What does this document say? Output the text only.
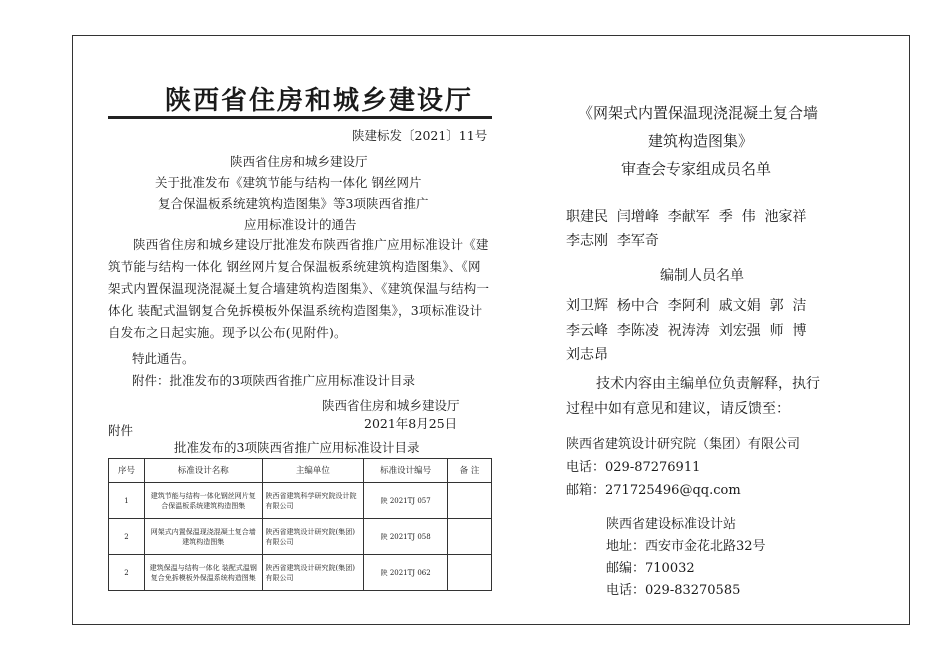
陕西省住房和城乡建设厅
陕建标发〔2021〕11号
陕西省住房和城乡建设厅
关于批准发布《建筑节能与结构一体化 钢丝网片
复合保温板系统建筑构造图集》等3项陕西省推广
应用标准设计的通告
陕西省住房和城乡建设厅批准发布陕西省推广应用标准设计《建筑节能与结构一体化 钢丝网片复合保温板系统建筑构造图集》、《网架式内置保温现浇混凝土复合墙建筑构造图集》、《建筑保温与结构一体化 装配式温钢复合免拆模板外保温系统构造图集》，3项标准设计自发布之日起实施。现予以公布(见附件)。
特此通告。
附件：批准发布的3项陕西省推广应用标准设计目录
陕西省住房和城乡建设厅
附件	2021年8月25日
批准发布的3项陕西省推广应用标准设计目录
序号	标准设计名称	主编单位	标准设计编号	备 注
1	建筑节能与结构一体化钢丝网片复合保温板系统建筑构造图集	陕西省建筑科学研究院设计院有限公司	陕 2021TJ 057	
2	网架式内置保温现浇混凝土复合墙建筑构造图集	陕西省建筑设计研究院(集团)有限公司	陕 2021TJ 058	
2	建筑保温与结构一体化 装配式温钢复合免拆模板外保温系统构造图集	陕西省建筑设计研究院(集团)有限公司	陕 2021TJ 062	
《网架式内置保温现浇混凝土复合墙
建筑构造图集》
审查会专家组成员名单
职建民  闫增峰  李献军  季  伟  池家祥
李志刚  李军奇
编制人员名单
刘卫辉  杨中合  李阿利  戚文娟  郭  洁
李云峰  李陈凌  祝涛涛  刘宏强  师  博
刘志昂
技术内容由主编单位负责解释，执行
过程中如有意见和建议，请反馈至：
陕西省建筑设计研究院（集团）有限公司
电话：029-87276911
邮箱：271725496@qq.com
陕西省建设标准设计站
地址：西安市金花北路32号
邮编：710032
电话：029-83270585
